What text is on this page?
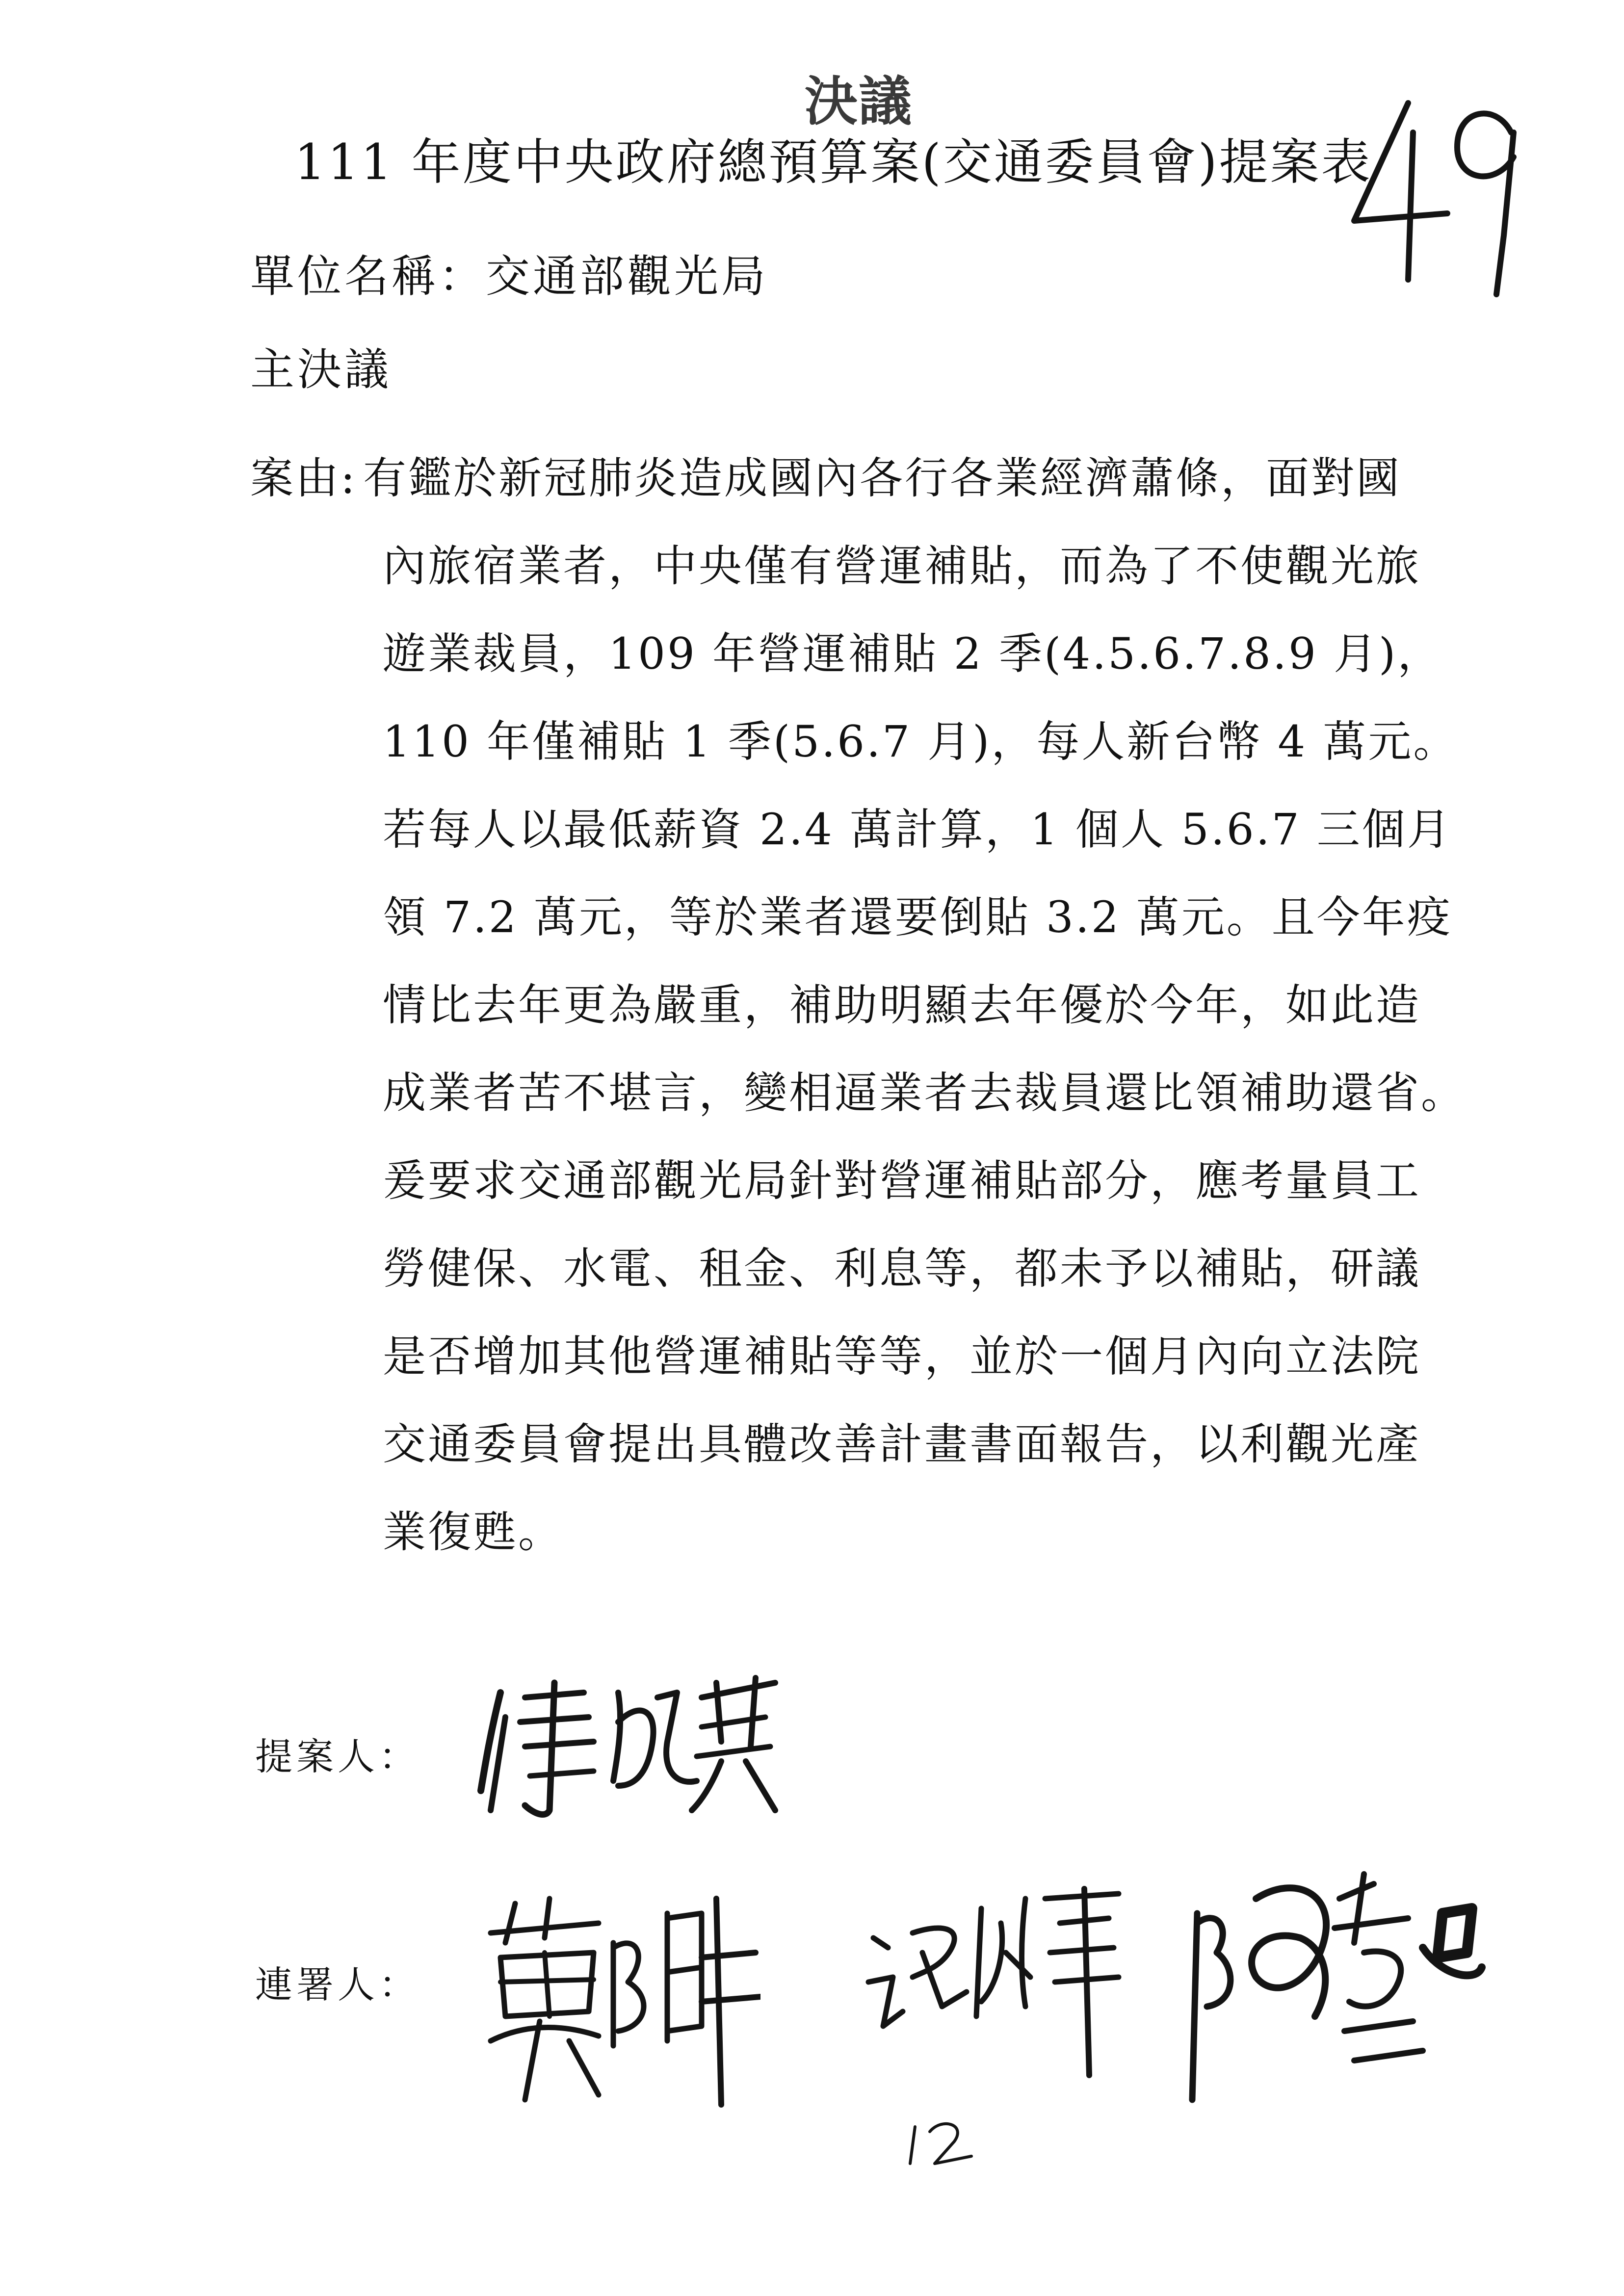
決議
111 年度中央政府總預算案(交通委員會)提案表
單位名稱：交通部觀光局
主決議
案由: 有鑑於新冠肺炎造成國內各行各業經濟蕭條，面對國
內旅宿業者，中央僅有營運補貼，而為了不使觀光旅
遊業裁員，109 年營運補貼 2 季(4.5.6.7.8.9 月)，
110 年僅補貼 1 季(5.6.7 月)，每人新台幣 4 萬元。
若每人以最低薪資 2.4 萬計算，1 個人 5.6.7 三個月
領 7.2 萬元，等於業者還要倒貼 3.2 萬元。且今年疫
情比去年更為嚴重，補助明顯去年優於今年，如此造
成業者苦不堪言，變相逼業者去裁員還比領補助還省。
爰要求交通部觀光局針對營運補貼部分，應考量員工
勞健保、水電、租金、利息等，都未予以補貼，研議
是否增加其他營運補貼等等，並於一個月內向立法院
交通委員會提出具體改善計畫書面報告，以利觀光產
業復甦。
提案人：
連署人：
